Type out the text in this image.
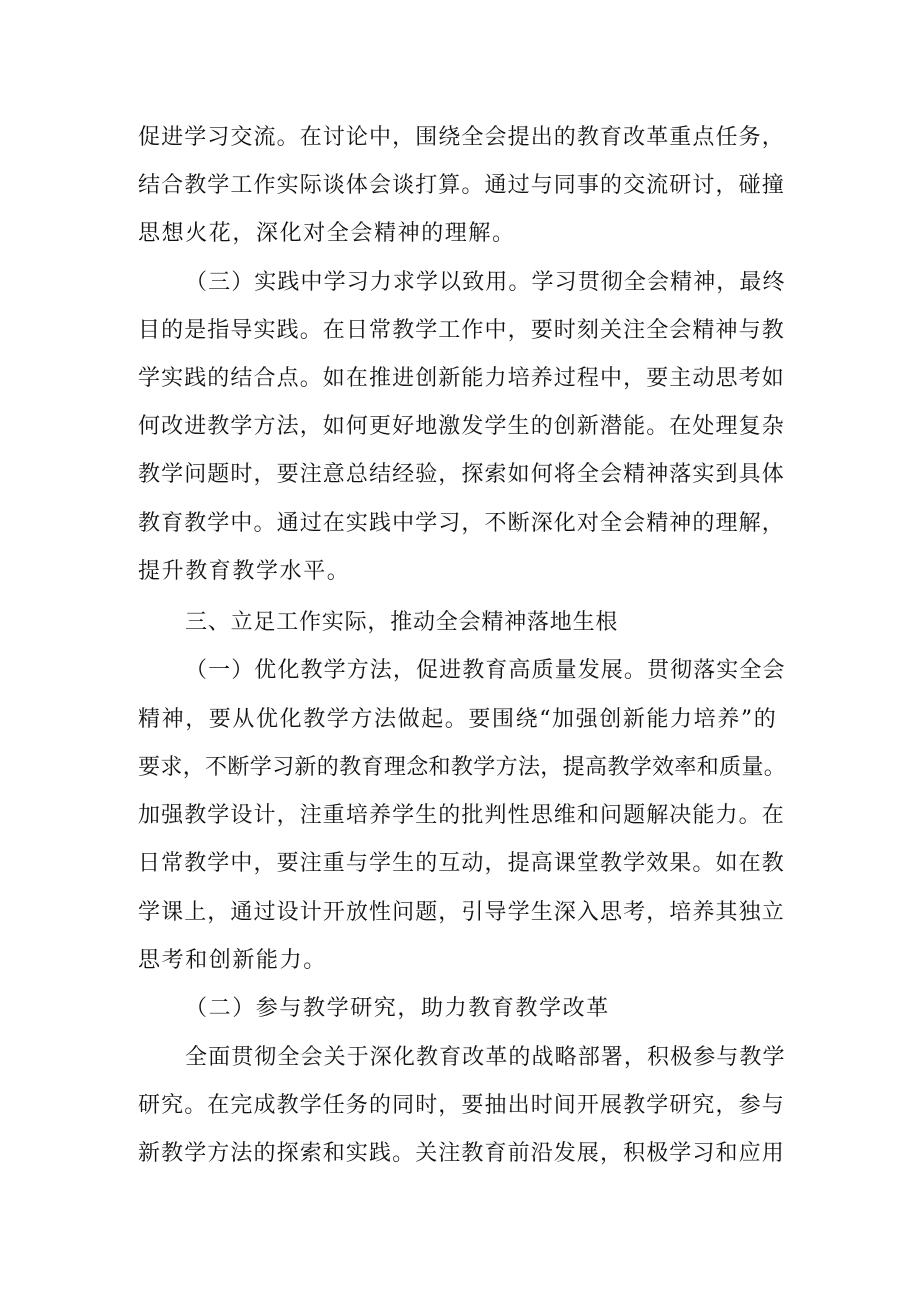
促进学习交流。在讨论中，围绕全会提出的教育改革重点任务，
结合教学工作实际谈体会谈打算。通过与同事的交流研讨，碰撞
思想火花，深化对全会精神的理解。
（三）实践中学习力求学以致用。学习贯彻全会精神，最终
目的是指导实践。在日常教学工作中，要时刻关注全会精神与教
学实践的结合点。如在推进创新能力培养过程中，要主动思考如
何改进教学方法，如何更好地激发学生的创新潜能。在处理复杂
教学问题时，要注意总结经验，探索如何将全会精神落实到具体
教育教学中。通过在实践中学习，不断深化对全会精神的理解，
提升教育教学水平。
三、立足工作实际，推动全会精神落地生根
（一）优化教学方法，促进教育高质量发展。贯彻落实全会
精神，要从优化教学方法做起。要围绕“加强创新能力培养”的
要求，不断学习新的教育理念和教学方法，提高教学效率和质量。
加强教学设计，注重培养学生的批判性思维和问题解决能力。在
日常教学中，要注重与学生的互动，提高课堂教学效果。如在教
学课上，通过设计开放性问题，引导学生深入思考，培养其独立
思考和创新能力。
（二）参与教学研究，助力教育教学改革
全面贯彻全会关于深化教育改革的战略部署，积极参与教学
研究。在完成教学任务的同时，要抽出时间开展教学研究，参与
新教学方法的探索和实践。关注教育前沿发展，积极学习和应用
